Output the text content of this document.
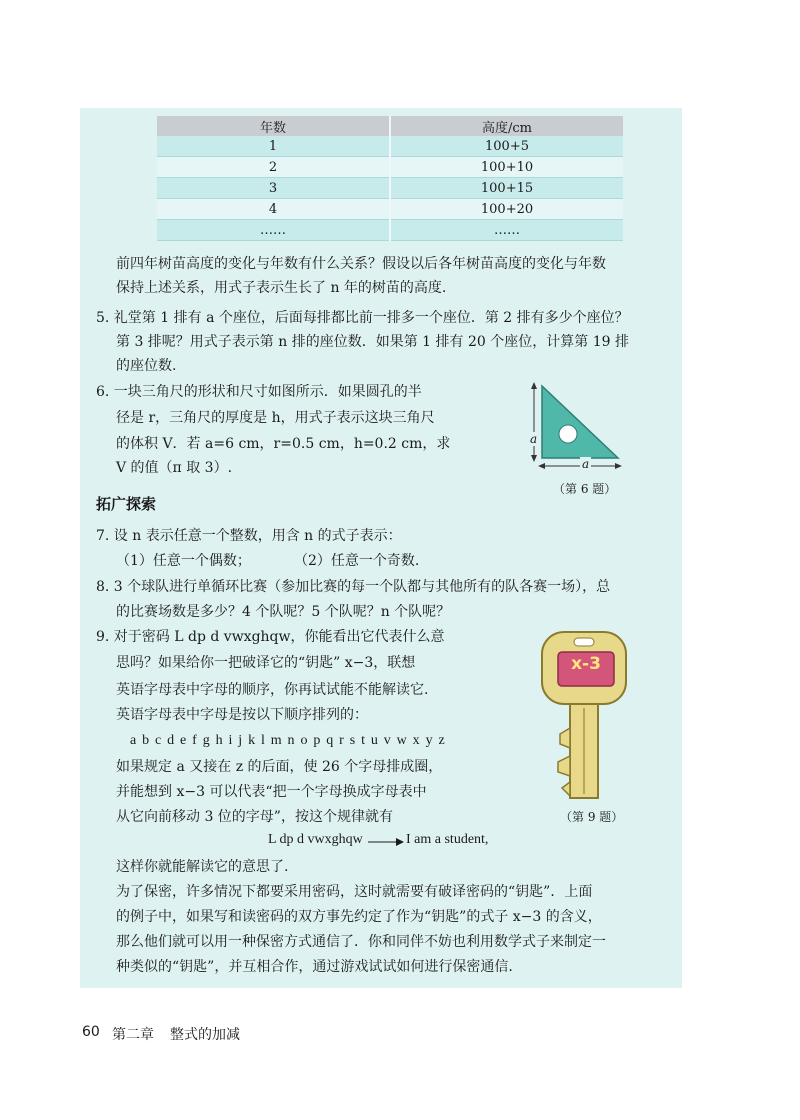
年数	高度/cm
1	100+5
2	100+10
3	100+15
4	100+20
……	……
前四年树苗高度的变化与年数有什么关系？假设以后各年树苗高度的变化与年数
保持上述关系，用式子表示生长了 n 年的树苗的高度.
5. 礼堂第 1 排有 a 个座位，后面每排都比前一排多一个座位．第 2 排有多少个座位？
第 3 排呢？用式子表示第 n 排的座位数．如果第 1 排有 20 个座位，计算第 19 排
的座位数.
6. 一块三角尺的形状和尺寸如图所示．如果圆孔的半
径是 r，三角尺的厚度是 h，用式子表示这块三角尺
的体积 V．若 a=6 cm，r=0.5 cm，h=0.2 cm，求
V 的值（π 取 3）.
a
a
（第 6 题）
拓广探索
7. 设 n 表示任意一个整数，用含 n 的式子表示：
（1）任意一个偶数；	（2）任意一个奇数.
8. 3 个球队进行单循环比赛（参加比赛的每一个队都与其他所有的队各赛一场），总
的比赛场数是多少？4 个队呢？5 个队呢？n 个队呢？
9. 对于密码 L dp d vwxghqw，你能看出它代表什么意
思吗？如果给你一把破译它的“钥匙” x−3，联想
英语字母表中字母的顺序，你再试试能不能解读它.
英语字母表中字母是按以下顺序排列的：
a b c d e f g h i j k l m n o p q r s t u v w x y z
如果规定 a 又接在 z 的后面，使 26 个字母排成圈，
并能想到 x−3 可以代表“把一个字母换成字母表中
从它向前移动 3 位的字母”，按这个规律就有
L dp d vwxghqw	I am a student,
这样你就能解读它的意思了.
x-3
（第 9 题）
为了保密，许多情况下都要采用密码，这时就需要有破译密码的“钥匙”．上面
的例子中，如果写和读密码的双方事先约定了作为“钥匙”的式子 x−3 的含义，
那么他们就可以用一种保密方式通信了．你和同伴不妨也利用数学式子来制定一
种类似的“钥匙”，并互相合作，通过游戏试试如何进行保密通信.
60 第二章 整式的加减
